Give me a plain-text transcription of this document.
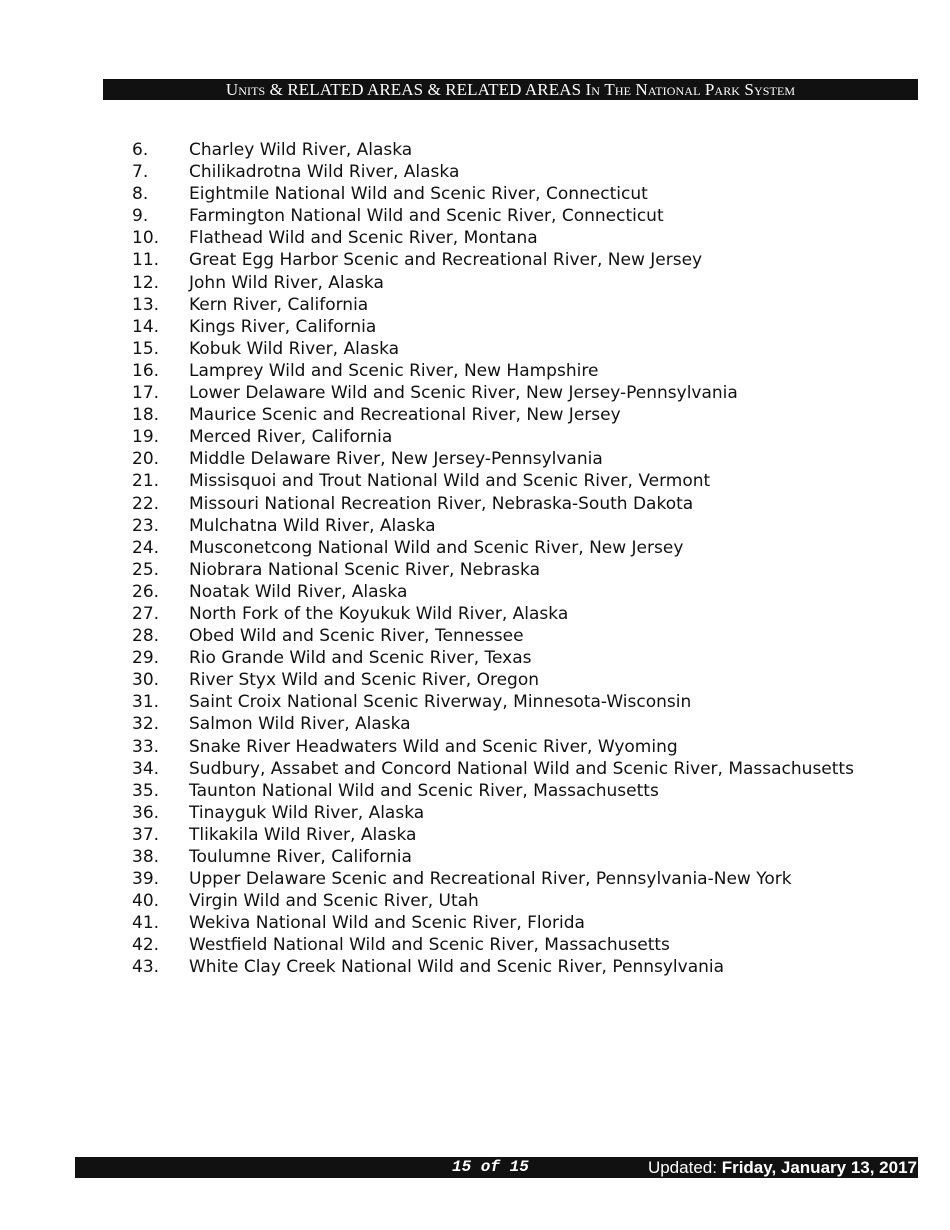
Units & RELATED AREAS & RELATED AREAS In The National Park System
6. Charley Wild River, Alaska
7. Chilikadrotna Wild River, Alaska
8. Eightmile National Wild and Scenic River, Connecticut
9. Farmington National Wild and Scenic River, Connecticut
10. Flathead Wild and Scenic River, Montana
11. Great Egg Harbor Scenic and Recreational River, New Jersey
12. John Wild River, Alaska
13. Kern River, California
14. Kings River, California
15. Kobuk Wild River, Alaska
16. Lamprey Wild and Scenic River, New Hampshire
17. Lower Delaware Wild and Scenic River, New Jersey-Pennsylvania
18. Maurice Scenic and Recreational River, New Jersey
19. Merced River, California
20. Middle Delaware River, New Jersey-Pennsylvania
21. Missisquoi and Trout National Wild and Scenic River, Vermont
22. Missouri National Recreation River, Nebraska-South Dakota
23. Mulchatna Wild River, Alaska
24. Musconetcong National Wild and Scenic River, New Jersey
25. Niobrara National Scenic River, Nebraska
26. Noatak Wild River, Alaska
27. North Fork of the Koyukuk Wild River, Alaska
28. Obed Wild and Scenic River, Tennessee
29. Rio Grande Wild and Scenic River, Texas
30. River Styx Wild and Scenic River, Oregon
31. Saint Croix National Scenic Riverway, Minnesota-Wisconsin
32. Salmon Wild River, Alaska
33. Snake River Headwaters Wild and Scenic River, Wyoming
34. Sudbury, Assabet and Concord National Wild and Scenic River, Massachusetts
35. Taunton National Wild and Scenic River, Massachusetts
36. Tinayguk Wild River, Alaska
37. Tlikakila Wild River, Alaska
38. Toulumne River, California
39. Upper Delaware Scenic and Recreational River, Pennsylvania-New York
40. Virgin Wild and Scenic River, Utah
41. Wekiva National Wild and Scenic River, Florida
42. Westfield National Wild and Scenic River, Massachusetts
43. White Clay Creek National Wild and Scenic River, Pennsylvania
15 of 15	Updated: Friday, January 13, 2017
